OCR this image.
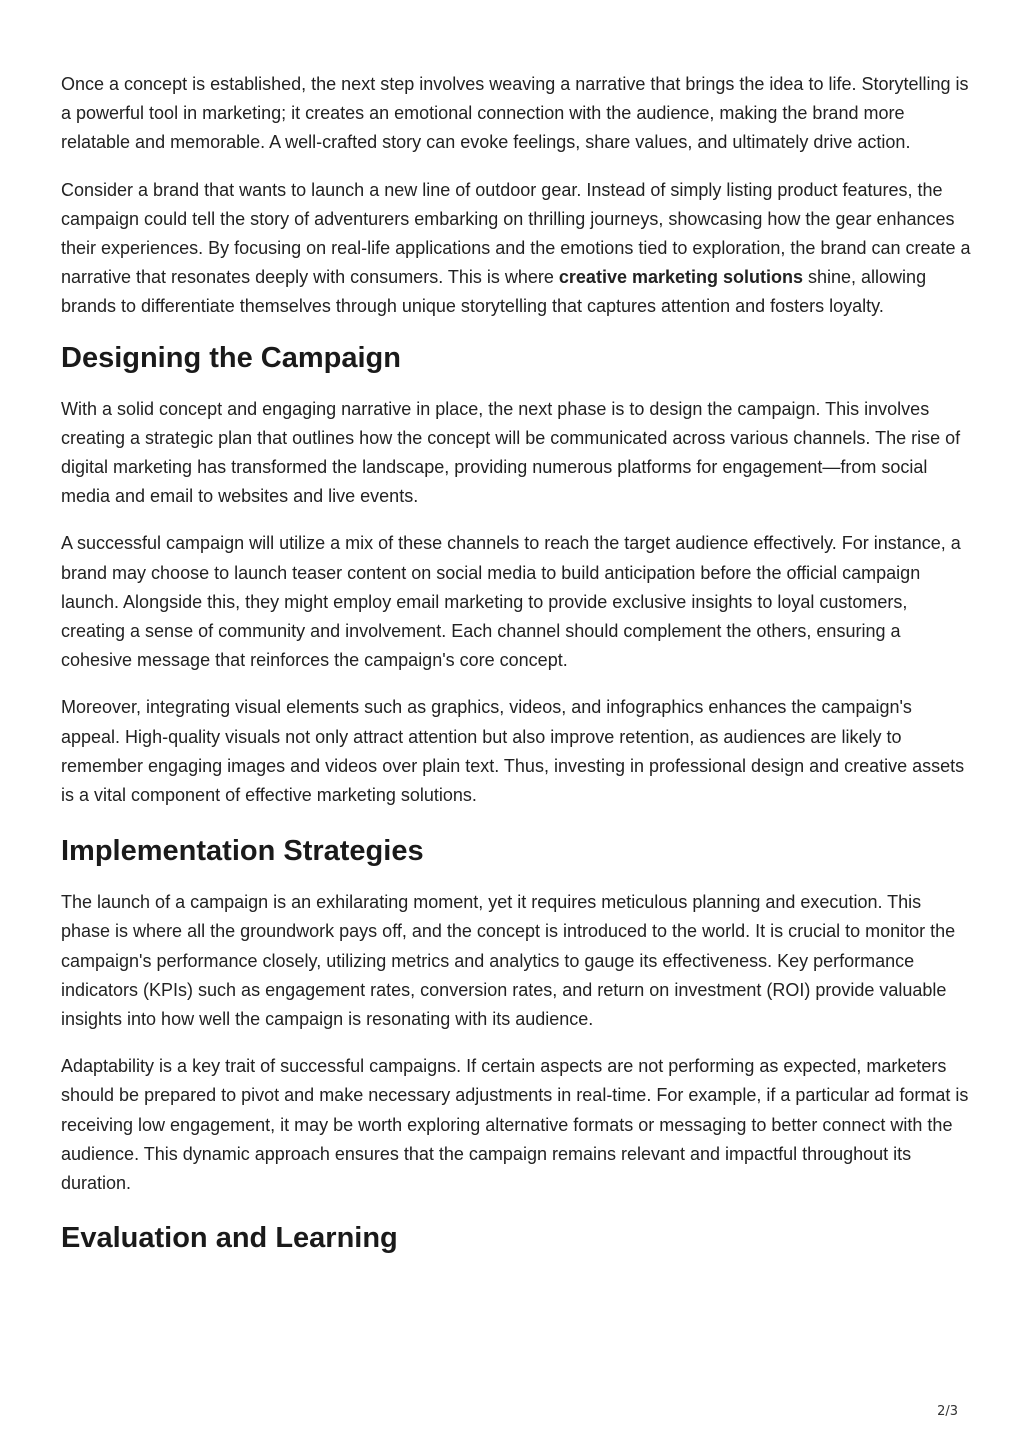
Once a concept is established, the next step involves weaving a narrative that brings the idea to life. Storytelling is a powerful tool in marketing; it creates an emotional connection with the audience, making the brand more relatable and memorable. A well-crafted story can evoke feelings, share values, and ultimately drive action.

Consider a brand that wants to launch a new line of outdoor gear. Instead of simply listing product features, the campaign could tell the story of adventurers embarking on thrilling journeys, showcasing how the gear enhances their experiences. By focusing on real-life applications and the emotions tied to exploration, the brand can create a narrative that resonates deeply with consumers. This is where creative marketing solutions shine, allowing brands to differentiate themselves through unique storytelling that captures attention and fosters loyalty.

Designing the Campaign

With a solid concept and engaging narrative in place, the next phase is to design the campaign. This involves creating a strategic plan that outlines how the concept will be communicated across various channels. The rise of digital marketing has transformed the landscape, providing numerous platforms for engagement—from social media and email to websites and live events.

A successful campaign will utilize a mix of these channels to reach the target audience effectively. For instance, a brand may choose to launch teaser content on social media to build anticipation before the official campaign launch. Alongside this, they might employ email marketing to provide exclusive insights to loyal customers, creating a sense of community and involvement. Each channel should complement the others, ensuring a cohesive message that reinforces the campaign's core concept.

Moreover, integrating visual elements such as graphics, videos, and infographics enhances the campaign's appeal. High-quality visuals not only attract attention but also improve retention, as audiences are likely to remember engaging images and videos over plain text. Thus, investing in professional design and creative assets is a vital component of effective marketing solutions.

Implementation Strategies

The launch of a campaign is an exhilarating moment, yet it requires meticulous planning and execution. This phase is where all the groundwork pays off, and the concept is introduced to the world. It is crucial to monitor the campaign's performance closely, utilizing metrics and analytics to gauge its effectiveness. Key performance indicators (KPIs) such as engagement rates, conversion rates, and return on investment (ROI) provide valuable insights into how well the campaign is resonating with its audience.

Adaptability is a key trait of successful campaigns. If certain aspects are not performing as expected, marketers should be prepared to pivot and make necessary adjustments in real-time. For example, if a particular ad format is receiving low engagement, it may be worth exploring alternative formats or messaging to better connect with the audience. This dynamic approach ensures that the campaign remains relevant and impactful throughout its duration.

Evaluation and Learning
2/3
